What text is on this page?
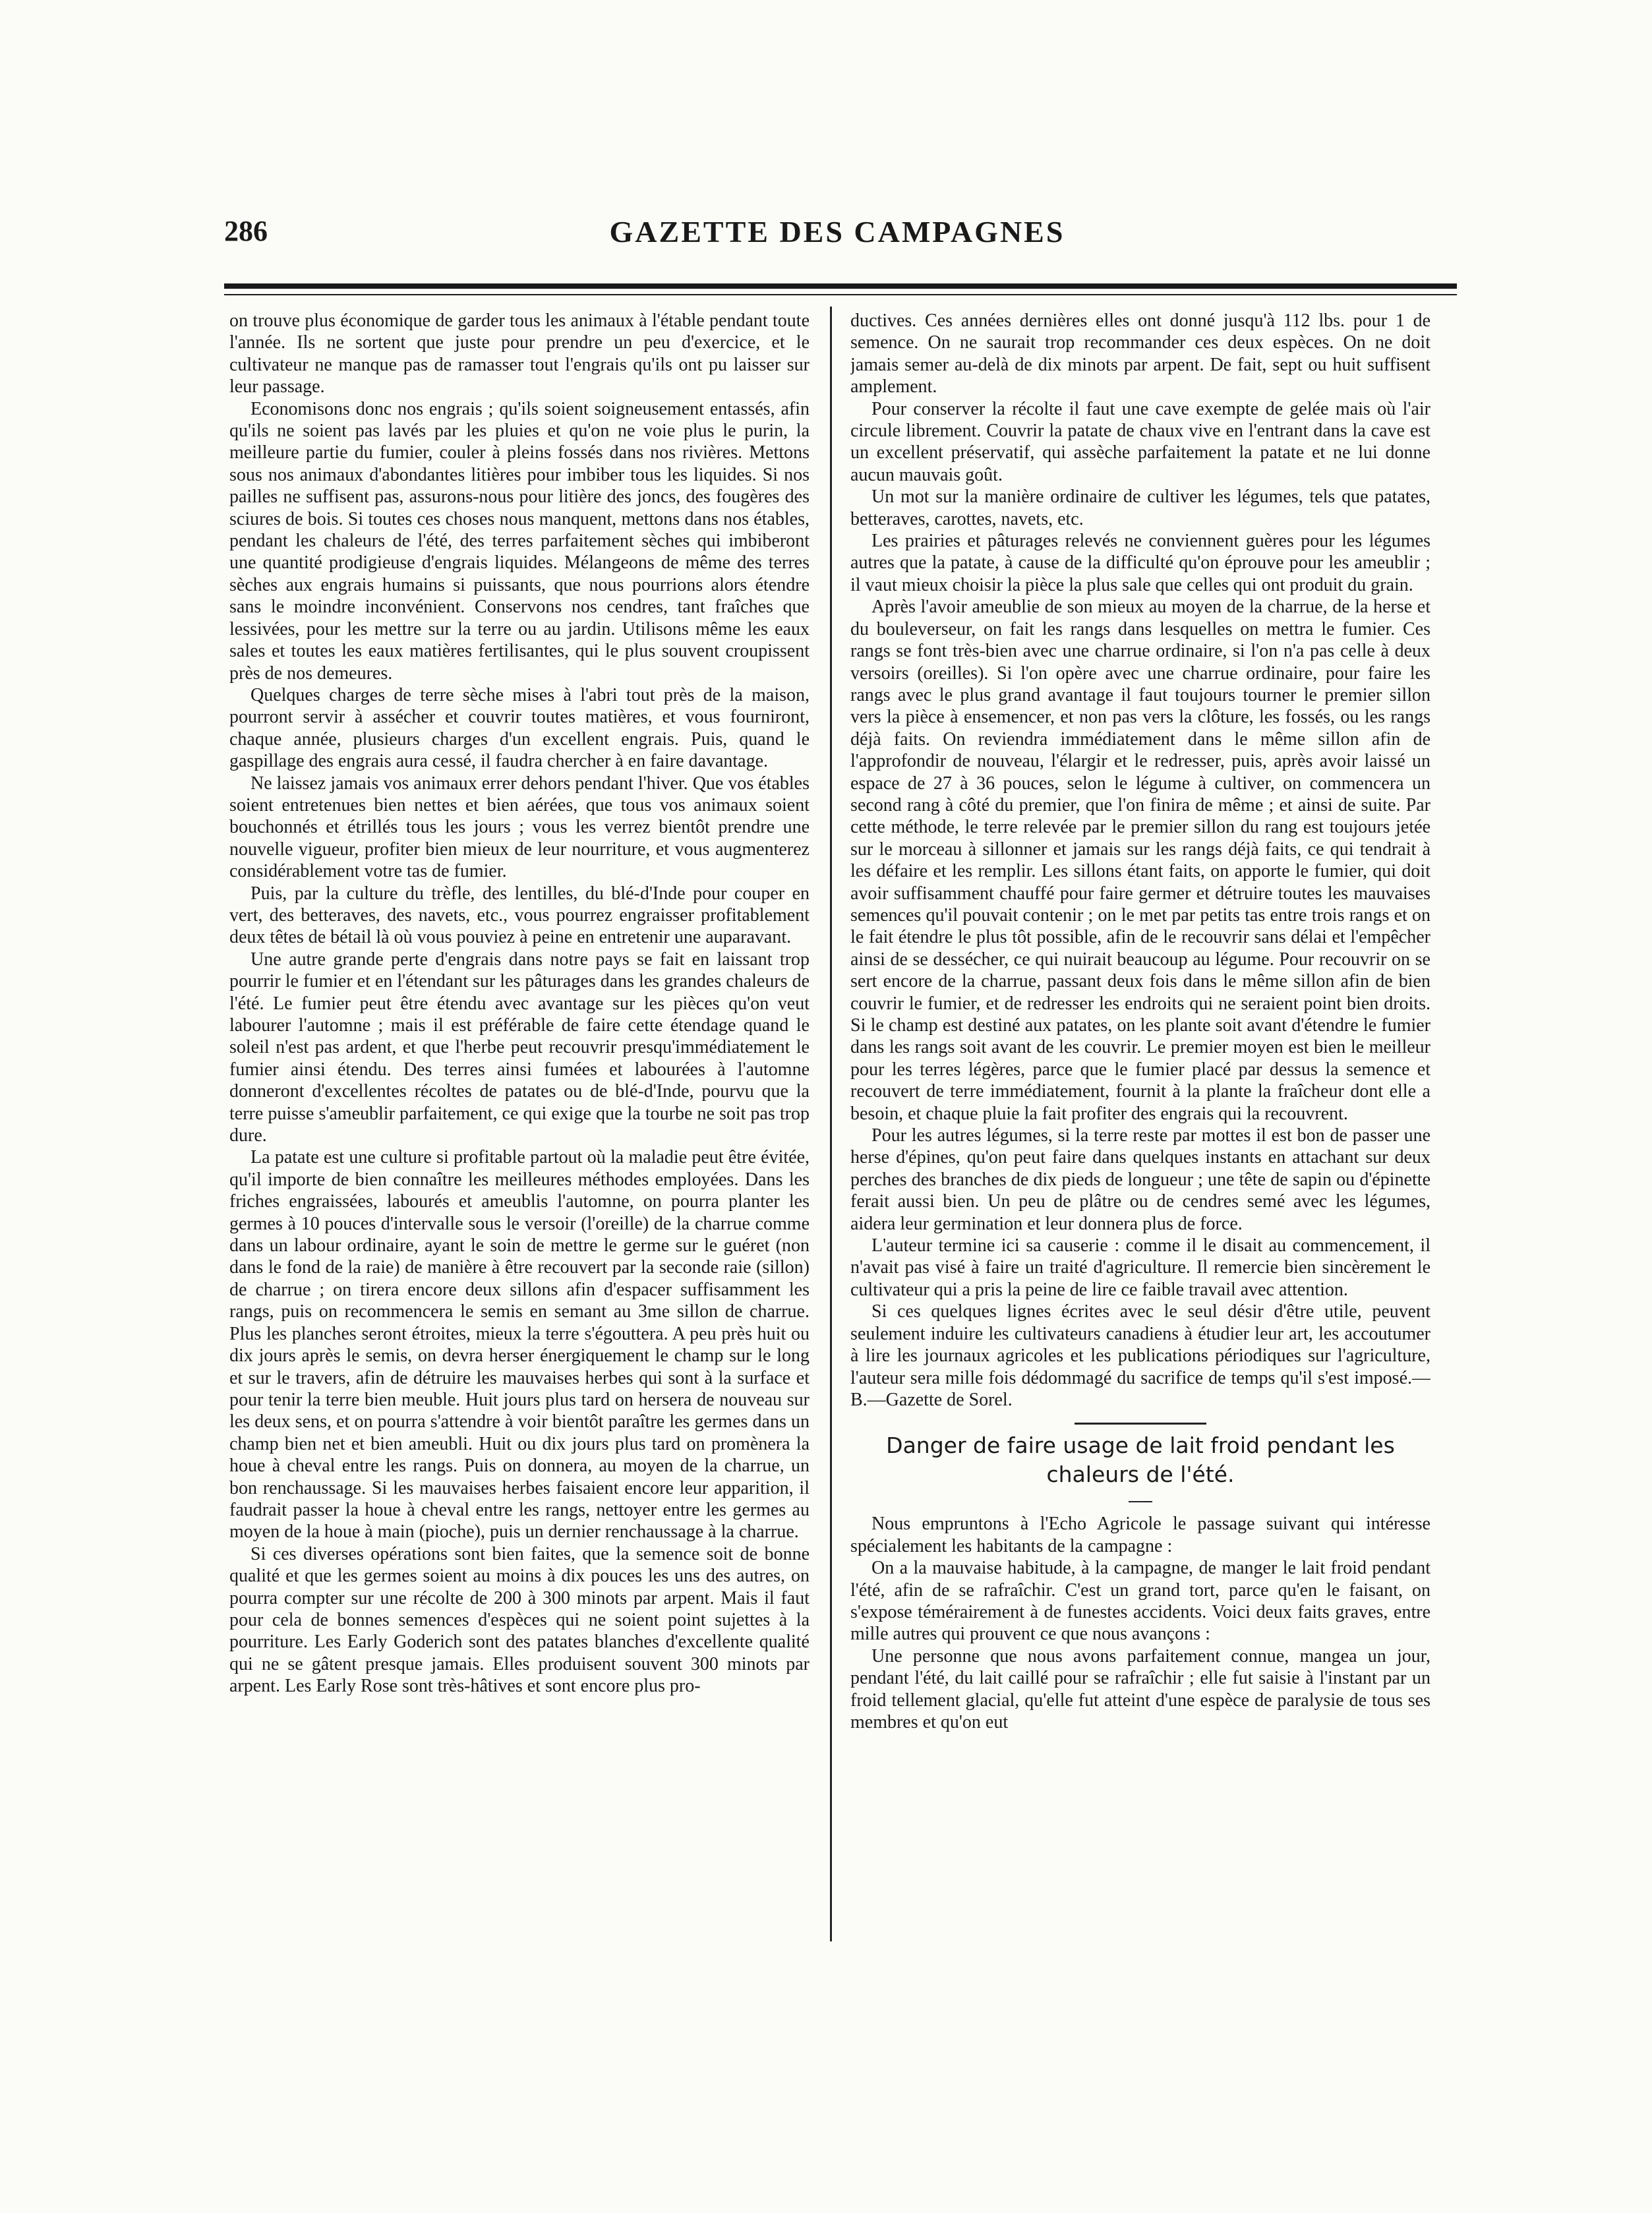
286	GAZETTE DES CAMPAGNES

on trouve plus économique de garder tous les animaux à l'étable pendant toute l'année. Ils ne sortent que juste pour prendre un peu d'exercice, et le cultivateur ne manque pas de ramasser tout l'engrais qu'ils ont pu laisser sur leur passage.

Economisons donc nos engrais ; qu'ils soient soigneusement entassés, afin qu'ils ne soient pas lavés par les pluies et qu'on ne voie plus le purin, la meilleure partie du fumier, couler à pleins fossés dans nos rivières. Mettons sous nos animaux d'abondantes litières pour imbiber tous les liquides. Si nos pailles ne suffisent pas, assurons-nous pour litière des joncs, des fougères des sciures de bois. Si toutes ces choses nous manquent, mettons dans nos étables, pendant les chaleurs de l'été, des terres parfaitement sèches qui imbiberont une quantité prodigieuse d'engrais liquides. Mélangeons de même des terres sèches aux engrais humains si puissants, que nous pourrions alors étendre sans le moindre inconvénient. Conservons nos cendres, tant fraîches que lessivées, pour les mettre sur la terre ou au jardin. Utilisons même les eaux sales et toutes les eaux matières fertilisantes, qui le plus souvent croupissent près de nos demeures.

Quelques charges de terre sèche mises à l'abri tout près de la maison, pourront servir à assécher et couvrir toutes matières, et vous fourniront, chaque année, plusieurs charges d'un excellent engrais. Puis, quand le gaspillage des engrais aura cessé, il faudra chercher à en faire davantage.

Ne laissez jamais vos animaux errer dehors pendant l'hiver. Que vos étables soient entretenues bien nettes et bien aérées, que tous vos animaux soient bouchonnés et étrillés tous les jours ; vous les verrez bientôt prendre une nouvelle vigueur, profiter bien mieux de leur nourriture, et vous augmenterez considérablement votre tas de fumier.

Puis, par la culture du trèfle, des lentilles, du blé-d'Inde pour couper en vert, des betteraves, des navets, etc., vous pourrez engraisser profitablement deux têtes de bétail là où vous pouviez à peine en entretenir une auparavant.

Une autre grande perte d'engrais dans notre pays se fait en laissant trop pourrir le fumier et en l'étendant sur les pâturages dans les grandes chaleurs de l'été. Le fumier peut être étendu avec avantage sur les pièces qu'on veut labourer l'automne ; mais il est préférable de faire cette étendage quand le soleil n'est pas ardent, et que l'herbe peut recouvrir presqu'immédiatement le fumier ainsi étendu. Des terres ainsi fumées et labourées à l'automne donneront d'excellentes récoltes de patates ou de blé-d'Inde, pourvu que la terre puisse s'ameublir parfaitement, ce qui exige que la tourbe ne soit pas trop dure.

La patate est une culture si profitable partout où la maladie peut être évitée, qu'il importe de bien connaître les meilleures méthodes employées. Dans les friches engraissées, labourés et ameublis l'automne, on pourra planter les germes à 10 pouces d'intervalle sous le versoir (l'oreille) de la charrue comme dans un labour ordinaire, ayant le soin de mettre le germe sur le guéret (non dans le fond de la raie) de manière à être recouvert par la seconde raie (sillon) de charrue ; on tirera encore deux sillons afin d'espacer suffisamment les rangs, puis on recommencera le semis en semant au 3me sillon de charrue. Plus les planches seront étroites, mieux la terre s'égouttera. A peu près huit ou dix jours après le semis, on devra herser énergiquement le champ sur le long et sur le travers, afin de détruire les mauvaises herbes qui sont à la surface et pour tenir la terre bien meuble. Huit jours plus tard on hersera de nouveau sur les deux sens, et on pourra s'attendre à voir bientôt paraître les germes dans un champ bien net et bien ameubli. Huit ou dix jours plus tard on promènera la houe à cheval entre les rangs. Puis on donnera, au moyen de la charrue, un bon renchaussage. Si les mauvaises herbes faisaient encore leur apparition, il faudrait passer la houe à cheval entre les rangs, nettoyer entre les germes au moyen de la houe à main (pioche), puis un dernier renchaussage à la charrue.

Si ces diverses opérations sont bien faites, que la semence soit de bonne qualité et que les germes soient au moins à dix pouces les uns des autres, on pourra compter sur une récolte de 200 à 300 minots par arpent. Mais il faut pour cela de bonnes semences d'espèces qui ne soient point sujettes à la pourriture. Les Early Goderich sont des patates blanches d'excellente qualité qui ne se gâtent presque jamais. Elles produisent souvent 300 minots par arpent. Les Early Rose sont très-hâtives et sont encore plus pro-

ductives. Ces années dernières elles ont donné jusqu'à 112 lbs. pour 1 de semence. On ne saurait trop recommander ces deux espèces. On ne doit jamais semer au-delà de dix minots par arpent. De fait, sept ou huit suffisent amplement.

Pour conserver la récolte il faut une cave exempte de gelée mais où l'air circule librement. Couvrir la patate de chaux vive en l'entrant dans la cave est un excellent préservatif, qui assèche parfaitement la patate et ne lui donne aucun mauvais goût.

Un mot sur la manière ordinaire de cultiver les légumes, tels que patates, betteraves, carottes, navets, etc.

Les prairies et pâturages relevés ne conviennent guères pour les légumes autres que la patate, à cause de la difficulté qu'on éprouve pour les ameublir ; il vaut mieux choisir la pièce la plus sale que celles qui ont produit du grain.

Après l'avoir ameublie de son mieux au moyen de la charrue, de la herse et du bouleverseur, on fait les rangs dans lesquelles on mettra le fumier. Ces rangs se font très-bien avec une charrue ordinaire, si l'on n'a pas celle à deux versoirs (oreilles). Si l'on opère avec une charrue ordinaire, pour faire les rangs avec le plus grand avantage il faut toujours tourner le premier sillon vers la pièce à ensemencer, et non pas vers la clôture, les fossés, ou les rangs déjà faits. On reviendra immédiatement dans le même sillon afin de l'approfondir de nouveau, l'élargir et le redresser, puis, après avoir laissé un espace de 27 à 36 pouces, selon le légume à cultiver, on commencera un second rang à côté du premier, que l'on finira de même ; et ainsi de suite. Par cette méthode, le terre relevée par le premier sillon du rang est toujours jetée sur le morceau à sillonner et jamais sur les rangs déjà faits, ce qui tendrait à les défaire et les remplir. Les sillons étant faits, on apporte le fumier, qui doit avoir suffisamment chauffé pour faire germer et détruire toutes les mauvaises semences qu'il pouvait contenir ; on le met par petits tas entre trois rangs et on le fait étendre le plus tôt possible, afin de le recouvrir sans délai et l'empêcher ainsi de se dessécher, ce qui nuirait beaucoup au légume. Pour recouvrir on se sert encore de la charrue, passant deux fois dans le même sillon afin de bien couvrir le fumier, et de redresser les endroits qui ne seraient point bien droits. Si le champ est destiné aux patates, on les plante soit avant d'étendre le fumier dans les rangs soit avant de les couvrir. Le premier moyen est bien le meilleur pour les terres légères, parce que le fumier placé par dessus la semence et recouvert de terre immédiatement, fournit à la plante la fraîcheur dont elle a besoin, et chaque pluie la fait profiter des engrais qui la recouvrent.

Pour les autres légumes, si la terre reste par mottes il est bon de passer une herse d'épines, qu'on peut faire dans quelques instants en attachant sur deux perches des branches de dix pieds de longueur ; une tête de sapin ou d'épinette ferait aussi bien. Un peu de plâtre ou de cendres semé avec les légumes, aidera leur germination et leur donnera plus de force.

L'auteur termine ici sa causerie : comme il le disait au commencement, il n'avait pas visé à faire un traité d'agriculture. Il remercie bien sincèrement le cultivateur qui a pris la peine de lire ce faible travail avec attention.

Si ces quelques lignes écrites avec le seul désir d'être utile, peuvent seulement induire les cultivateurs canadiens à étudier leur art, les accoutumer à lire les journaux agricoles et les publications périodiques sur l'agriculture, l'auteur sera mille fois dédommagé du sacrifice de temps qu'il s'est imposé.—B.—Gazette de Sorel.

Danger de faire usage de lait froid pendant les chaleurs de l'été.

Nous empruntons à l'Echo Agricole le passage suivant qui intéresse spécialement les habitants de la campagne :

On a la mauvaise habitude, à la campagne, de manger le lait froid pendant l'été, afin de se rafraîchir. C'est un grand tort, parce qu'en le faisant, on s'expose témérairement à de funestes accidents. Voici deux faits graves, entre mille autres qui prouvent ce que nous avançons :

Une personne que nous avons parfaitement connue, mangea un jour, pendant l'été, du lait caillé pour se rafraîchir ; elle fut saisie à l'instant par un froid tellement glacial, qu'elle fut atteint d'une espèce de paralysie de tous ses membres et qu'on eut
